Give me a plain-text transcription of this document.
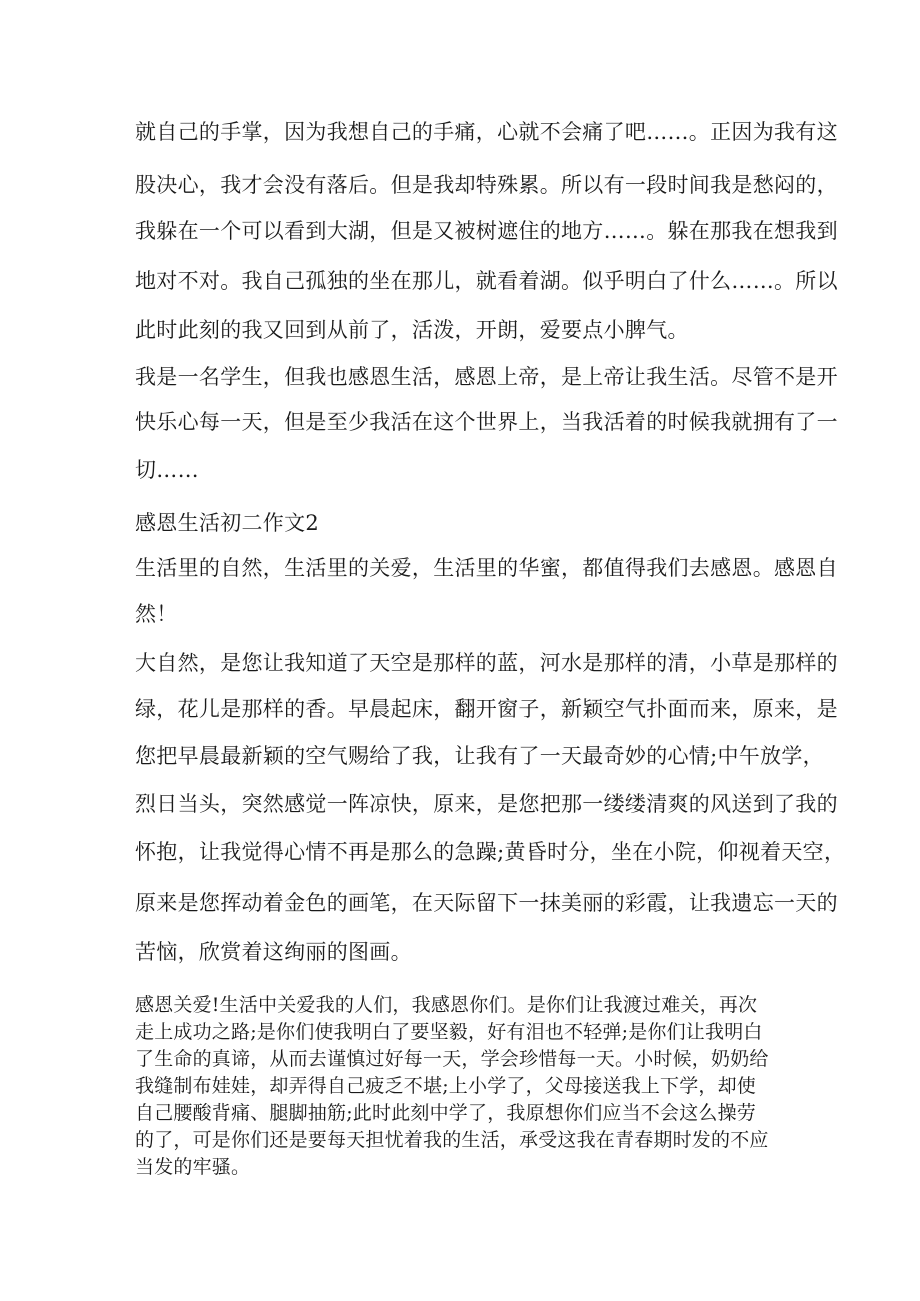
就自己的手掌，因为我想自己的手痛，心就不会痛了吧……。正因为我有这
股决心，我才会没有落后。但是我却特殊累。所以有一段时间我是愁闷的，
我躲在一个可以看到大湖，但是又被树遮住的地方……。躲在那我在想我到
地对不对。我自己孤独的坐在那儿，就看着湖。似乎明白了什么……。所以
此时此刻的我又回到从前了，活泼，开朗，爱要点小脾气。
我是一名学生，但我也感恩生活，感恩上帝，是上帝让我生活。尽管不是开
快乐心每一天，但是至少我活在这个世界上，当我活着的时候我就拥有了一
切……
感恩生活初二作文2
生活里的自然，生活里的关爱，生活里的华蜜，都值得我们去感恩。感恩自
然！
大自然，是您让我知道了天空是那样的蓝，河水是那样的清，小草是那样的
绿，花儿是那样的香。早晨起床，翻开窗子，新颖空气扑面而来，原来，是
您把早晨最新颖的空气赐给了我，让我有了一天最奇妙的心情;中午放学，
烈日当头，突然感觉一阵凉快，原来，是您把那一缕缕清爽的风送到了我的
怀抱，让我觉得心情不再是那么的急躁;黄昏时分，坐在小院，仰视着天空，
原来是您挥动着金色的画笔，在天际留下一抹美丽的彩霞，让我遗忘一天的
苦恼，欣赏着这绚丽的图画。
感恩关爱!生活中关爱我的人们，我感恩你们。是你们让我渡过难关，再次
走上成功之路;是你们使我明白了要坚毅，好有泪也不轻弹;是你们让我明白
了生命的真谛，从而去谨慎过好每一天，学会珍惜每一天。小时候，奶奶给
我缝制布娃娃，却弄得自己疲乏不堪;上小学了，父母接送我上下学，却使
自己腰酸背痛、腿脚抽筋;此时此刻中学了，我原想你们应当不会这么操劳
的了，可是你们还是要每天担忧着我的生活，承受这我在青春期时发的不应
当发的牢骚。
